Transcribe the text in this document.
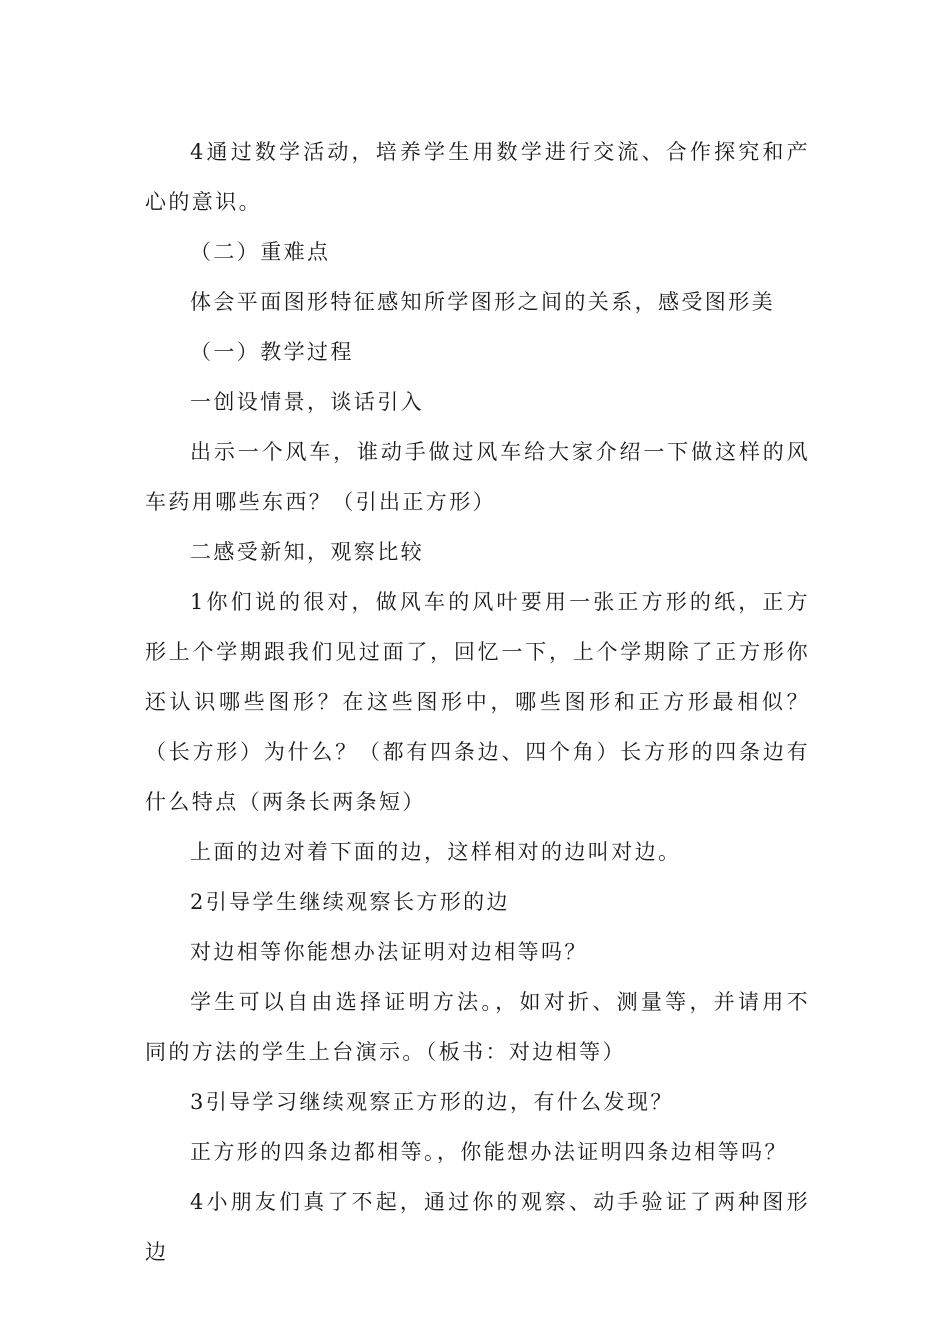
4通过数学活动，培养学生用数学进行交流、合作探究和产心的意识。

（二）重难点

体会平面图形特征感知所学图形之间的关系，感受图形美

（一）教学过程

一创设情景，谈话引入

出示一个风车，谁动手做过风车给大家介绍一下做这样的风车药用哪些东西？（引出正方形）

二感受新知，观察比较

1你们说的很对，做风车的风叶要用一张正方形的纸，正方形上个学期跟我们见过面了，回忆一下，上个学期除了正方形你还认识哪些图形？在这些图形中，哪些图形和正方形最相似？（长方形）为什么？（都有四条边、四个角）长方形的四条边有什么特点（两条长两条短）

上面的边对着下面的边，这样相对的边叫对边。

2引导学生继续观察长方形的边

对边相等你能想办法证明对边相等吗？

学生可以自由选择证明方法。，如对折、测量等，并请用不同的方法的学生上台演示。（板书：对边相等）

3引导学习继续观察正方形的边，有什么发现？

正方形的四条边都相等。，你能想办法证明四条边相等吗？

4小朋友们真了不起，通过你的观察、动手验证了两种图形边
